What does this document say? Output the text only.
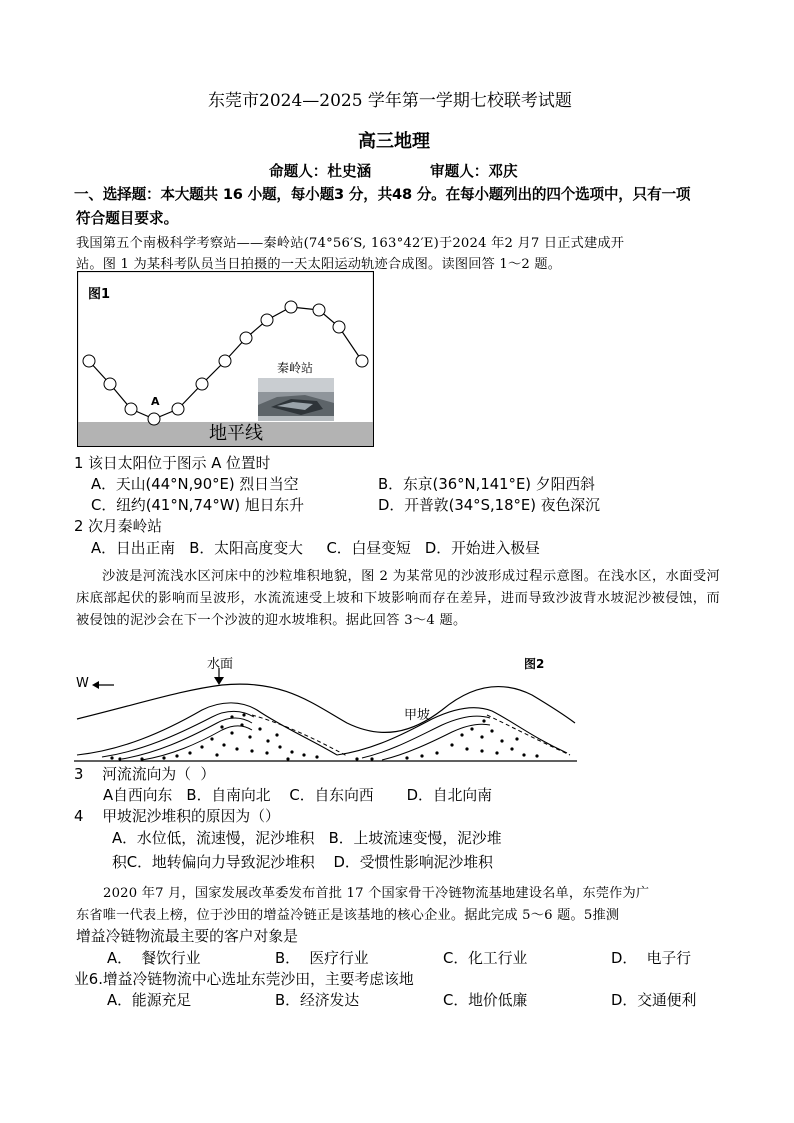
东莞市2024—2025 学年第一学期七校联考试题
高三地理
命题人：杜史涵	审题人：邓庆
一、选择题：本大题共 16 小题，每小题3 分，共48 分。在每小题列出的四个选项中，只有一项
符合题目要求。
我国第五个南极科学考察站——秦岭站(74°56′S, 163°42′E)于2024 年2 月7 日正式建成开
站。图 1 为某科考队员当日拍摄的一天太阳运动轨迹合成图。读图回答 1～2 题。
图1
A
秦岭站
地平线
1 该日太阳位于图示 A 位置时
A．天山(44°N,90°E) 烈日当空	B．东京(36°N,141°E) 夕阳西斜
C．纽约(41°N,74°W) 旭日东升	D．开普敦(34°S,18°E) 夜色深沉
2 次月秦岭站
A．日出正南   B．太阳高度变大     C．白昼变短   D．开始进入极昼
沙波是河流浅水区河床中的沙粒堆积地貌，图 2 为某常见的沙波形成过程示意图。在浅水区，水面受河床底部起伏的影响而呈波形，水流流速受上坡和下坡影响而存在差异，进而导致沙波背水坡泥沙被侵蚀，而被侵蚀的泥沙会在下一个沙波的迎水坡堆积。据此回答 3～4 题。
水面
W
图2
甲坡
3    河流流向为（  ）
A自西向东   B．自南向北    C．自东向西       D．自北向南
4    甲坡泥沙堆积的原因为（）
A．水位低，流速慢，泥沙堆积   B．上坡流速变慢，泥沙堆
积C．地转偏向力导致泥沙堆积    D．受惯性影响泥沙堆积
2020 年7 月，国家发展改革委发布首批 17 个国家骨干冷链物流基地建设名单，东莞作为广
东省唯一代表上榜，位于沙田的增益冷链正是该基地的核心企业。据此完成 5～6 题。5推测
增益冷链物流最主要的客户对象是
A．  餐饮行业	B．  医疗行业	C．化工行业	D．  电子行
业6.增益冷链物流中心选址东莞沙田，主要考虑该地
A．能源充足	B．经济发达	C．地价低廉	D．交通便利
